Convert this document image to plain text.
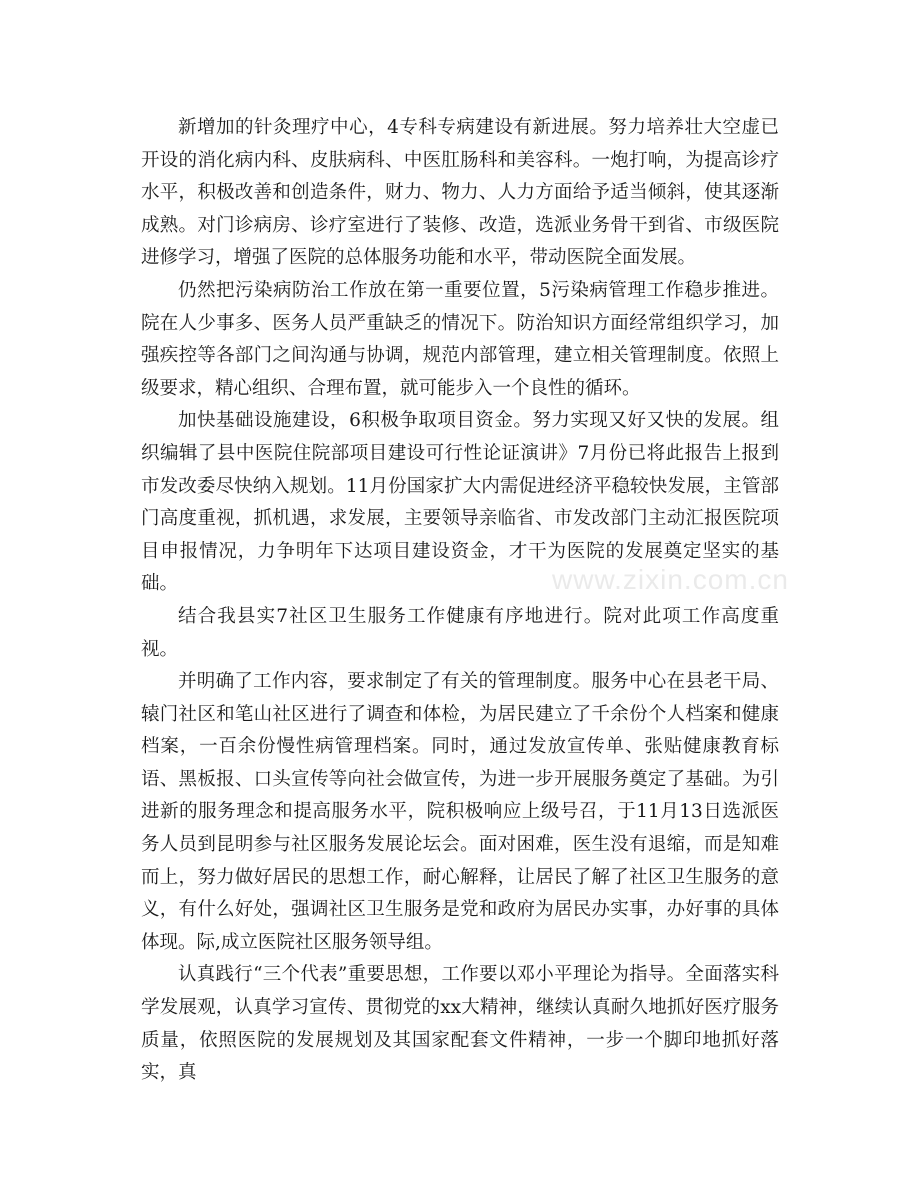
新增加的针灸理疗中心，4专科专病建设有新进展。努力培养壮大空虚已开设的消化病内科、皮肤病科、中医肛肠科和美容科。一炮打响，为提高诊疗水平，积极改善和创造条件，财力、物力、人力方面给予适当倾斜，使其逐渐成熟。对门诊病房、诊疗室进行了装修、改造，选派业务骨干到省、市级医院进修学习，增强了医院的总体服务功能和水平，带动医院全面发展。

仍然把污染病防治工作放在第一重要位置，5污染病管理工作稳步推进。院在人少事多、医务人员严重缺乏的情况下。防治知识方面经常组织学习，加强疾控等各部门之间沟通与协调，规范内部管理，建立相关管理制度。依照上级要求，精心组织、合理布置，就可能步入一个良性的循环。

加快基础设施建设，6积极争取项目资金。努力实现又好又快的发展。组织编辑了县中医院住院部项目建设可行性论证演讲》7月份已将此报告上报到市发改委尽快纳入规划。11月份国家扩大内需促进经济平稳较快发展，主管部门高度重视，抓机遇，求发展，主要领导亲临省、市发改部门主动汇报医院项目申报情况，力争明年下达项目建设资金，才干为医院的发展奠定坚实的基础。

结合我县实7社区卫生服务工作健康有序地进行。院对此项工作高度重视。

并明确了工作内容，要求制定了有关的管理制度。服务中心在县老干局、辕门社区和笔山社区进行了调查和体检，为居民建立了千余份个人档案和健康档案，一百余份慢性病管理档案。同时，通过发放宣传单、张贴健康教育标语、黑板报、口头宣传等向社会做宣传，为进一步开展服务奠定了基础。为引进新的服务理念和提高服务水平，院积极响应上级号召，于11月13日选派医务人员到昆明参与社区服务发展论坛会。面对困难，医生没有退缩，而是知难而上，努力做好居民的思想工作，耐心解释，让居民了解了社区卫生服务的意义，有什么好处，强调社区卫生服务是党和政府为居民办实事，办好事的具体体现。际,成立医院社区服务领导组。

认真践行“三个代表”重要思想，工作要以邓小平理论为指导。全面落实科学发展观，认真学习宣传、贯彻党的xx大精神，继续认真耐久地抓好医疗服务质量，依照医院的发展规划及其国家配套文件精神，一步一个脚印地抓好落实，真

www.zixin.com.cn
